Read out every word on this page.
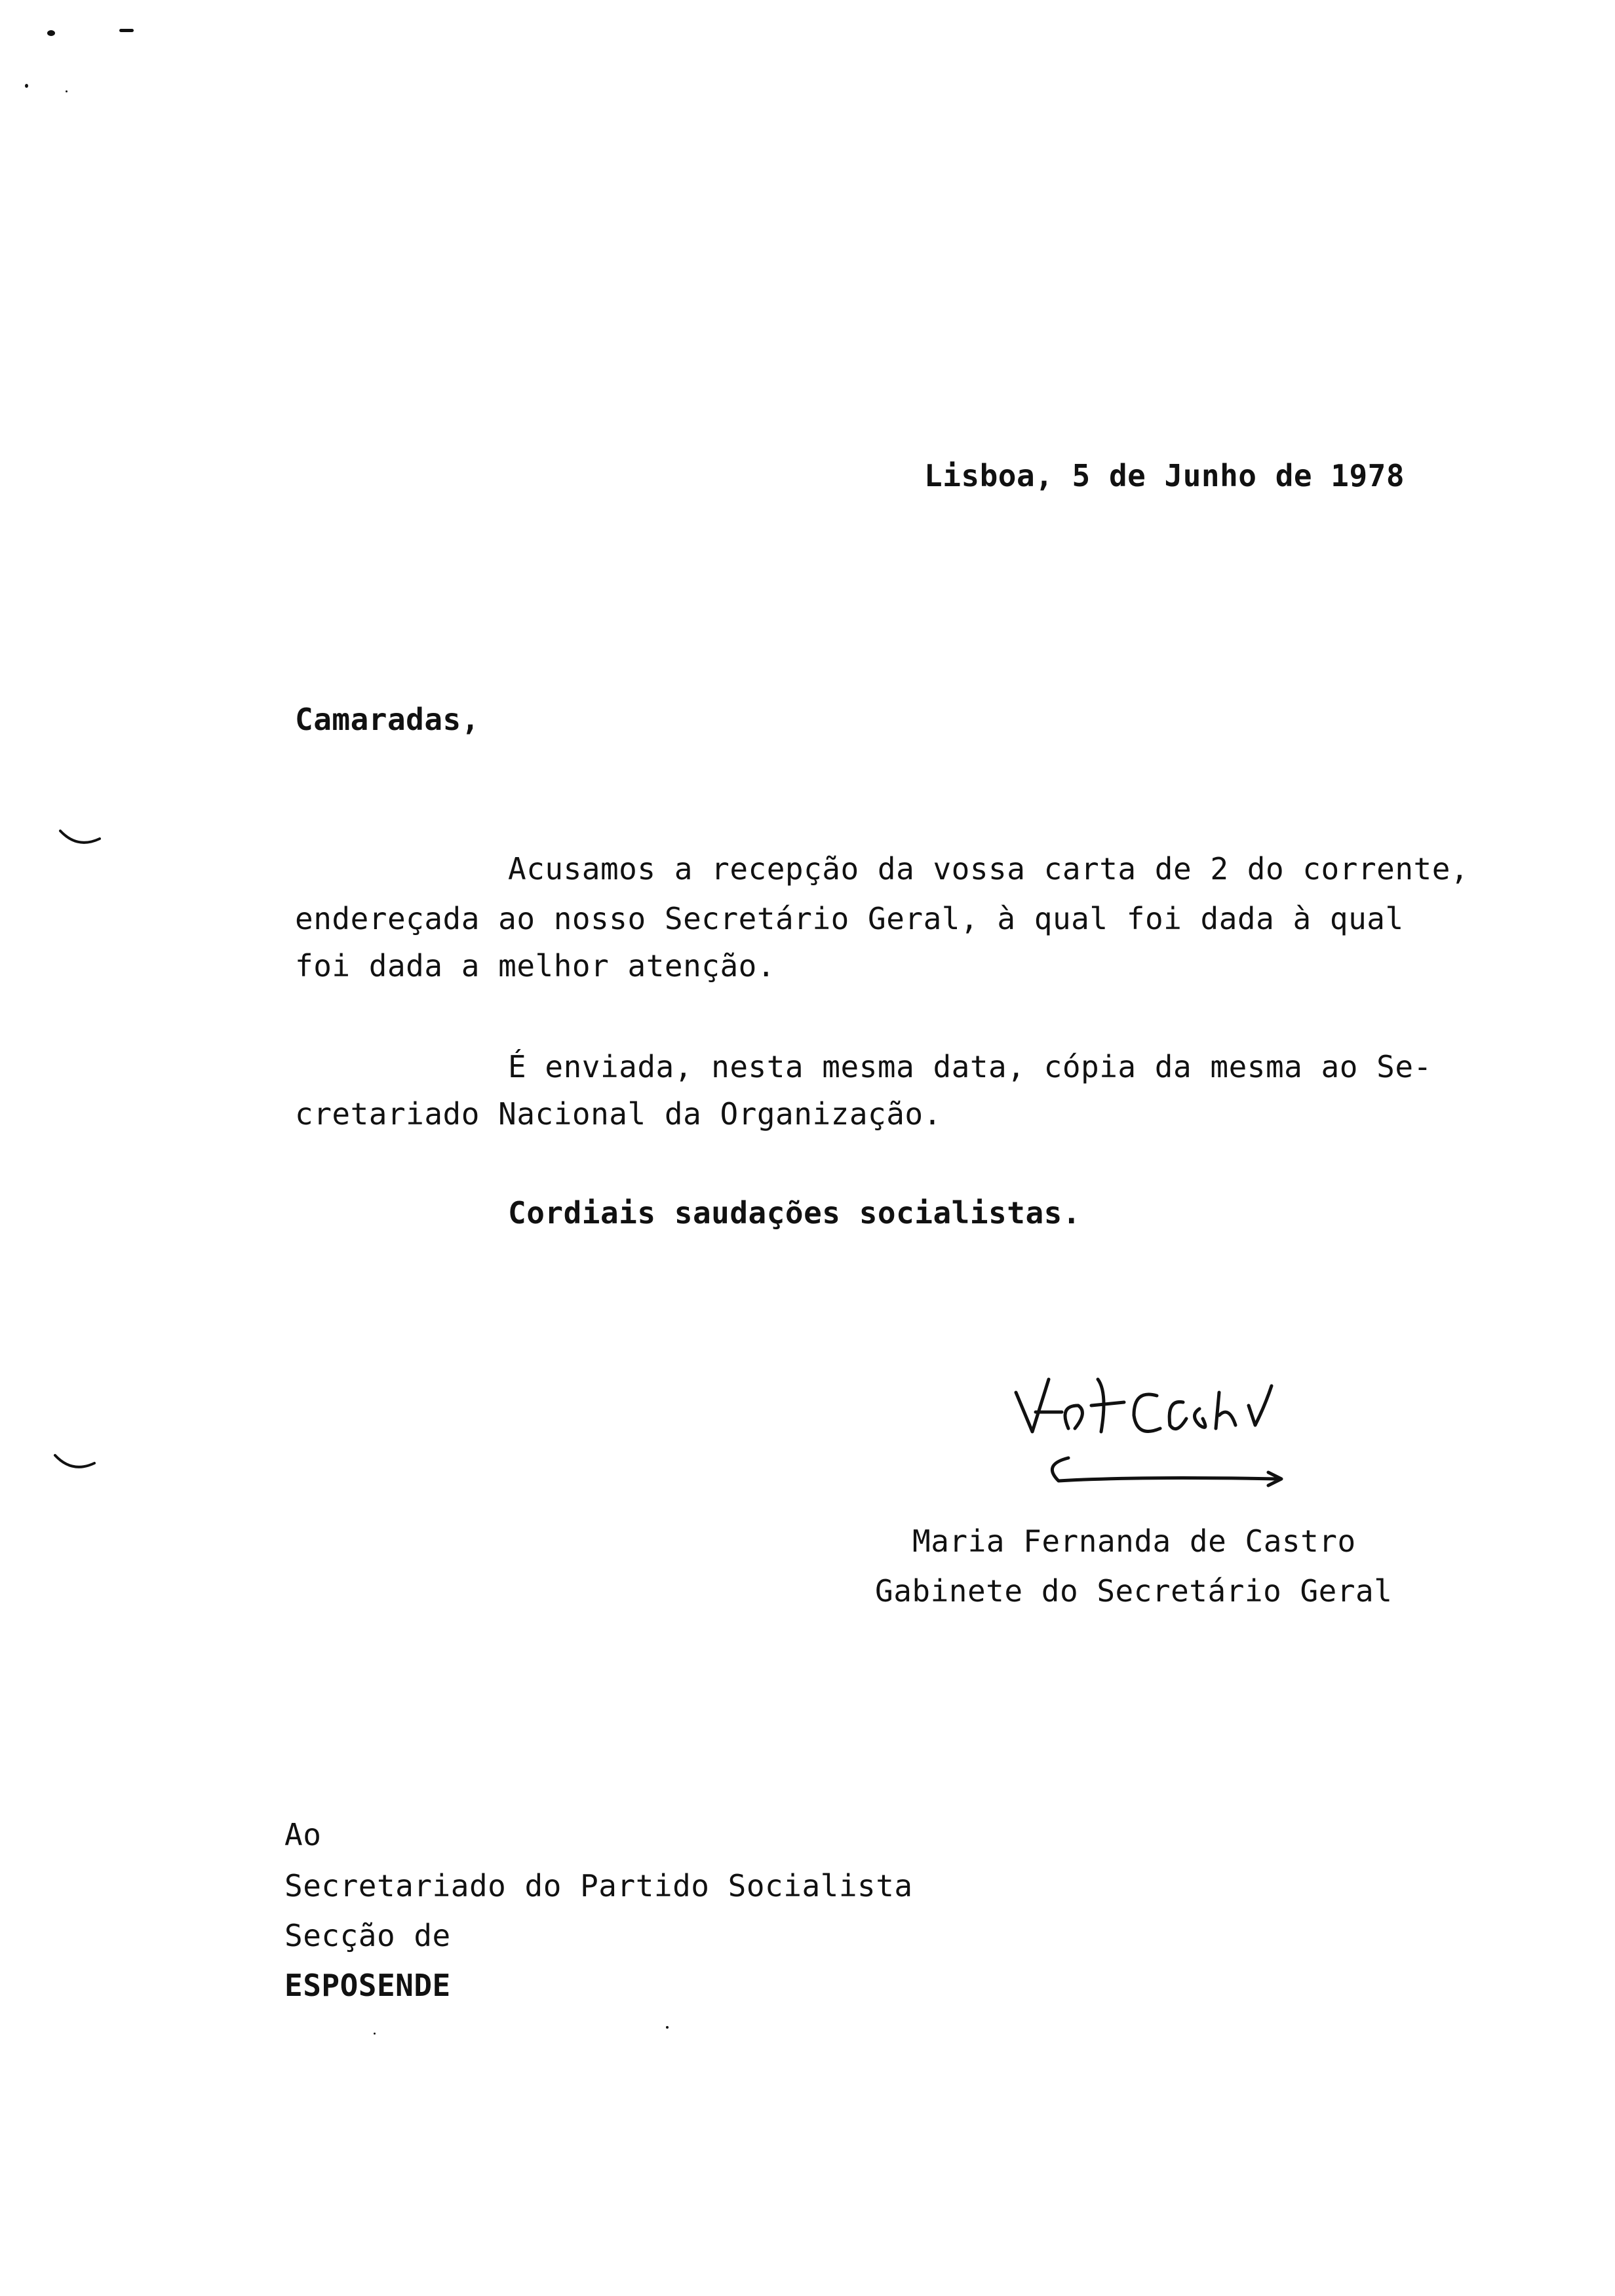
Lisboa, 5 de Junho de 1978
Camaradas,
Acusamos a recepção da vossa carta de 2 do corrente,
endereçada ao nosso Secretário Geral, à qual foi dada à qual
foi dada a melhor atenção.
É enviada, nesta mesma data, cópia da mesma ao Se-
cretariado Nacional da Organização.
Cordiais saudações socialistas.
Maria Fernanda de Castro
Gabinete do Secretário Geral
Ao
Secretariado do Partido Socialista
Secção de
ESPOSENDE
